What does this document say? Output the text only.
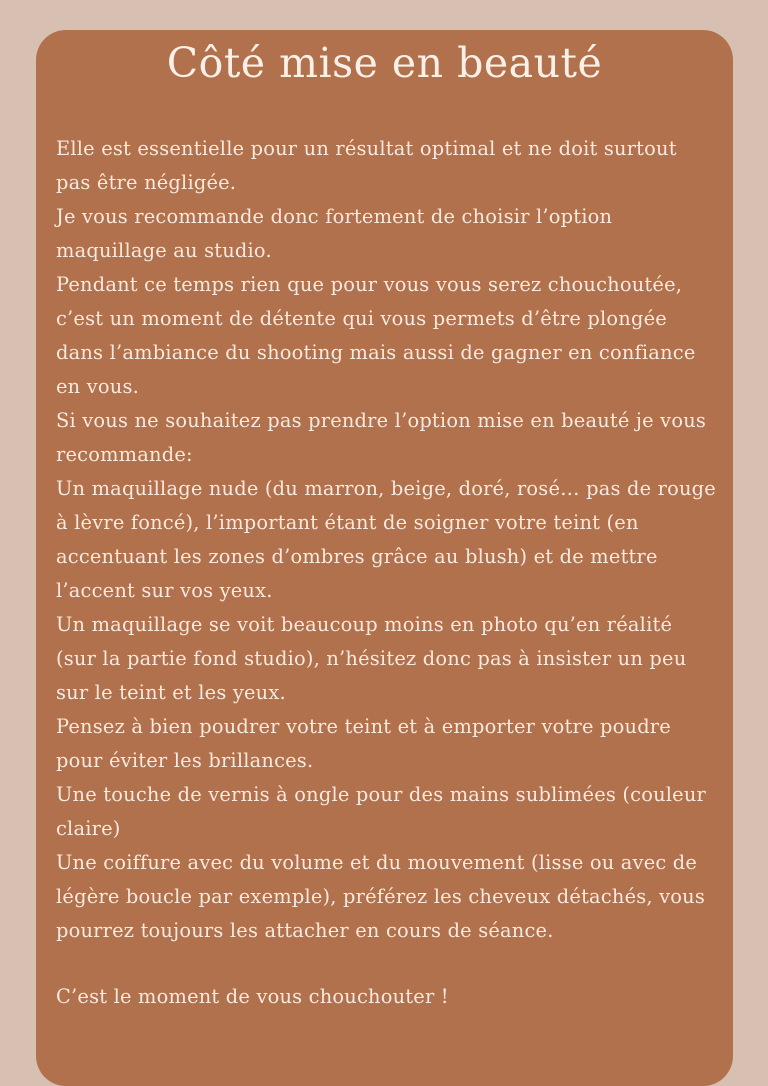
Côté mise en beauté

Elle est essentielle pour un résultat optimal et ne doit surtout pas être négligée.

Je vous recommande donc fortement de choisir l’option maquillage au studio.

Pendant ce temps rien que pour vous vous serez chouchoutée, c’est un moment de détente qui vous permets d’être plongée dans l’ambiance du shooting mais aussi de gagner en confiance en vous.

Si vous ne souhaitez pas prendre l’option mise en beauté je vous recommande:

Un maquillage nude (du marron, beige, doré, rosé… pas de rouge à lèvre foncé), l’important étant de soigner votre teint (en accentuant les zones d’ombres grâce au blush) et de mettre l’accent sur vos yeux.

Un maquillage se voit beaucoup moins en photo qu’en réalité (sur la partie fond studio), n’hésitez donc pas à insister un peu sur le teint et les yeux.

Pensez à bien poudrer votre teint et à emporter votre poudre pour éviter les brillances.

Une touche de vernis à ongle pour des mains sublimées (couleur claire)

Une coiffure avec du volume et du mouvement (lisse ou avec de légère boucle par exemple), préférez les cheveux détachés, vous pourrez toujours les attacher en cours de séance.

C’est le moment de vous chouchouter !
